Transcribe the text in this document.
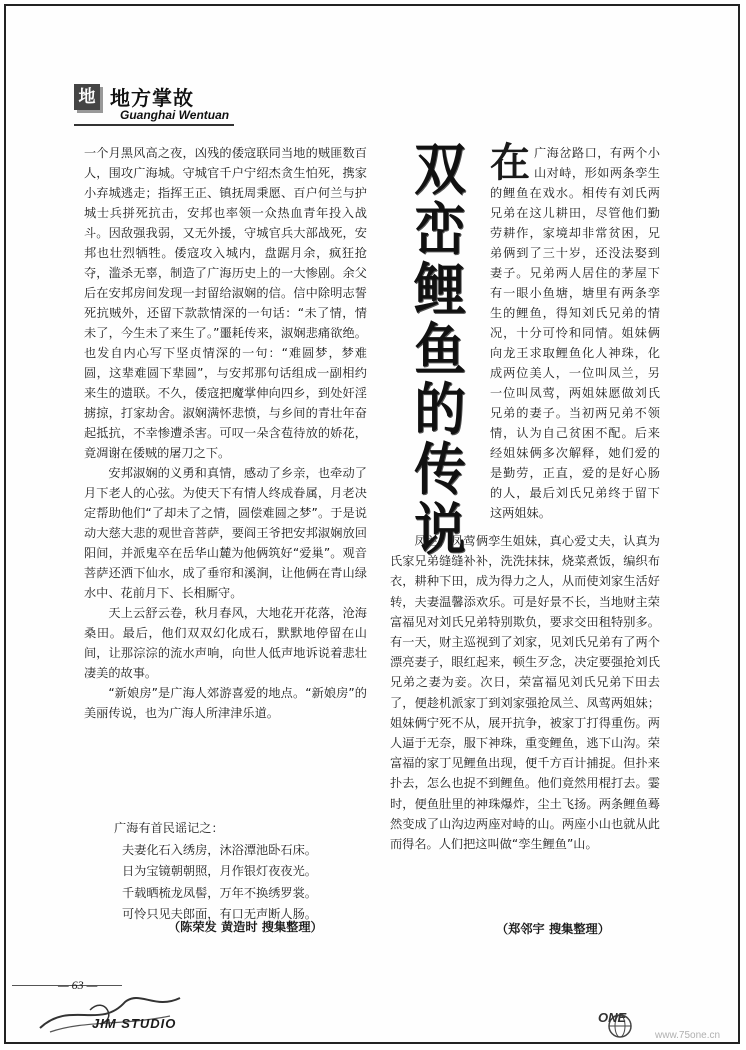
地 地方掌故
Guanghai Wentuan

一个月黑风高之夜，凶残的倭寇联同当地的贼匪数百人，围攻广海城。守城官千户宁绍杰贪生怕死，携家小弃城逃走；指挥王正、镇抚周秉愿、百户何兰与护城士兵拼死抗击，安邦也率领一众热血青年投入战斗。因敌强我弱，又无外援，守城官兵大部战死，安邦也壮烈牺牲。倭寇攻入城内，盘踞月余，疯狂抢夺，滥杀无辜，制造了广海历史上的一大惨剧。余父后在安邦房间发现一封留给淑娴的信。信中除明志誓死抗贼外，还留下款款情深的一句话：“未了情，情未了，今生未了来生了。”噩耗传来，淑娴悲痛欲绝。也发自内心写下坚贞情深的一句：“难圆梦，梦难圆，这辈难圆下辈圆”，与安邦那句话组成一副相约来生的遗联。不久，倭寇把魔掌伸向四乡，到处奸淫掳掠，打家劫舍。淑娴满怀悲愤，与乡间的青壮年奋起抵抗，不幸惨遭杀害。可叹一朵含苞待放的娇花，竟凋谢在倭贼的屠刀之下。

安邦淑娴的义勇和真情，感动了乡亲，也牵动了月下老人的心弦。为使天下有情人终成眷属，月老决定帮助他们“了却未了之情，圆偿难圆之梦”。于是说动大慈大悲的观世音菩萨，要阎王爷把安邦淑娴放回阳间，并派鬼卒在岳华山麓为他俩筑好“爱巢”。观音菩萨还洒下仙水，成了垂帘和溪涧，让他俩在青山绿水中、花前月下、长相厮守。

天上云舒云卷，秋月春风，大地花开花落，沧海桑田。最后，他们双双幻化成石，默默地停留在山间，让那淙淙的流水声响，向世人低声地诉说着悲壮凄美的故事。

“新娘房”是广海人郊游喜爱的地点。“新娘房”的美丽传说，也为广海人所津津乐道。

广海有首民谣记之：

夫妻化石入绣房，沐浴潭池卧石床。

日为宝镜朝朝照，月作银灯夜夜光。

千载晒梳龙凤髻，万年不换绣罗裳。

可怜只见夫郎面，有口无声断人肠。

（陈荣发 黄造时 搜集整理）
双
峦
鲤
鱼
的
传
说
在 广海岔路口，有两个小山对峙，形如两条孪生的鲤鱼在戏水。相传有刘氏两兄弟在这儿耕田，尽管他们勤劳耕作，家境却非常贫困，兄弟俩到了三十岁，还没法娶到妻子。兄弟两人居住的茅屋下有一眼小鱼塘，塘里有两条孪生的鲤鱼，得知刘氏兄弟的情况，十分可怜和同情。姐妹俩向龙王求取鲤鱼化人神珠，化成两位美人，一位叫凤兰，另一位叫凤莺，两姐妹愿做刘氏兄弟的妻子。当初两兄弟不领情，认为自己贫困不配。后来经姐妹俩多次解释，她们爱的是勤劳，正直，爱的是好心肠的人，最后刘氏兄弟终于留下这两姐妹。

凤兰，凤莺俩孪生姐妹，真心爱丈夫，认真为氏家兄弟缝缝补补，洗洗抹抹，烧菜煮饭，编织布衣，耕种下田，成为得力之人，从而使刘家生活好转，夫妻温馨添欢乐。可是好景不长，当地财主荣富福见对刘氏兄弟特别欺负，要求交田租特别多。有一天，财主巡视到了刘家，见刘氏兄弟有了两个漂亮妻子，眼红起来，顿生歹念，决定要强抢刘氏兄弟之妻为妾。次日，荣富福见刘氏兄弟下田去了，便趁机派家丁到刘家强抢凤兰、凤莺两姐妹；姐妹俩宁死不从，展开抗争，被家丁打得重伤。两人逼于无奈，服下神珠，重变鲤鱼，逃下山沟。荣富福的家丁见鲤鱼出现，便千方百计捕捉。但扑来扑去，怎么也捉不到鲤鱼。他们竟然用棍打去。霎时，便鱼肚里的神珠爆炸，尘土飞扬。两条鲤鱼蓦然变成了山沟边两座对峙的山。两座小山也就从此而得名。人们把这叫做“孪生鲤鱼”山。

（郑邻宇 搜集整理）
— 63 —
JIM STUDIO	ONE
www.75one.cn
